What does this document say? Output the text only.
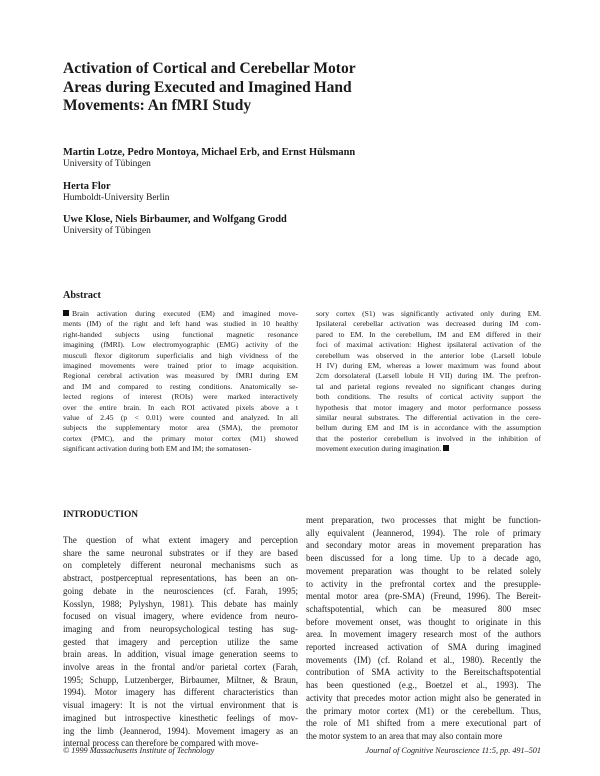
Activation of Cortical and Cerebellar Motor
Areas during Executed and Imagined Hand
Movements: An fMRI Study
Martin Lotze, Pedro Montoya, Michael Erb, and Ernst Hülsmann
University of Tübingen
Herta Flor
Humboldt-University Berlin
Uwe Klose, Niels Birbaumer, and Wolfgang Grodd
University of Tübingen
Abstract
Brain activation during executed (EM) and imagined move-
ments (IM) of the right and left hand was studied in 10 healthy
right-handed subjects using functional magnetic resonance
imagining (fMRI). Low electromyographic (EMG) activity of the
musculi flexor digitorum superficialis and high vividness of the
imagined movements were trained prior to image acquisition.
Regional cerebral activation was measured by fMRI during EM
and IM and compared to resting conditions. Anatomically se-
lected regions of interest (ROIs) were marked interactively
over the entire brain. In each ROI activated pixels above a t
value of 2.45 (p < 0.01) were counted and analyzed. In all
subjects the supplementary motor area (SMA), the premotor
cortex (PMC), and the primary motor cortex (M1) showed
significant activation during both EM and IM; the somatosen-
sory cortex (S1) was significantly activated only during EM.
Ipsilateral cerebellar activation was decreased during IM com-
pared to EM. In the cerebellum, IM and EM differed in their
foci of maximal activation: Highest ipsilateral activation of the
cerebellum was observed in the anterior lobe (Larsell lobule
H IV) during EM, whereas a lower maximum was found about
2cm dorsolateral (Larsell lobule H VII) during IM. The prefron-
tal and parietal regions revealed no significant changes during
both conditions. The results of cortical activity support the
hypothesis that motor imagery and motor performance possess
similar neural substrates. The differential activation in the cere-
bellum during EM and IM is in accordance with the assumption
that the posterior cerebellum is involved in the inhibition of
movement execution during imagination.
INTRODUCTION
The question of what extent imagery and perception
share the same neuronal substrates or if they are based
on completely different neuronal mechanisms such as
abstract, postperceptual representations, has been an on-
going debate in the neurosciences (cf. Farah, 1995;
Kosslyn, 1988; Pylyshyn, 1981). This debate has mainly
focused on visual imagery, where evidence from neuro-
imaging and from neuropsychological testing has sug-
gested that imagery and perception utilize the same
brain areas. In addition, visual image generation seems to
involve areas in the frontal and/or parietal cortex (Farah,
1995; Schupp, Lutzenberger, Birbaumer, Miltner, & Braun,
1994). Motor imagery has different characteristics than
visual imagery: It is not the virtual environment that is
imagined but introspective kinesthetic feelings of mov-
ing the limb (Jeannerod, 1994). Movement imagery as an
internal process can therefore be compared with move-
ment preparation, two processes that might be function-
ally equivalent (Jeannerod, 1994). The role of primary
and secondary motor areas in movement preparation has
been discussed for a long time. Up to a decade ago,
movement preparation was thought to be related solely
to activity in the prefrontal cortex and the presupple-
mental motor area (pre-SMA) (Freund, 1996). The Bereit-
schaftspotential, which can be measured 800 msec
before movement onset, was thought to originate in this
area. In movement imagery research most of the authors
reported increased activation of SMA during imagined
movements (IM) (cf. Roland et al., 1980). Recently the
contribution of SMA activity to the Bereitschaftspotential
has been questioned (e.g., Boetzel et al., 1993). The
activity that precedes motor action might also be generated in
the primary motor cortex (M1) or the cerebellum. Thus,
the role of M1 shifted from a mere executional part of
the motor system to an area that may also contain more
© 1999 Massachusetts Institute of Technology	Journal of Cognitive Neuroscience 11:5, pp. 491–501
